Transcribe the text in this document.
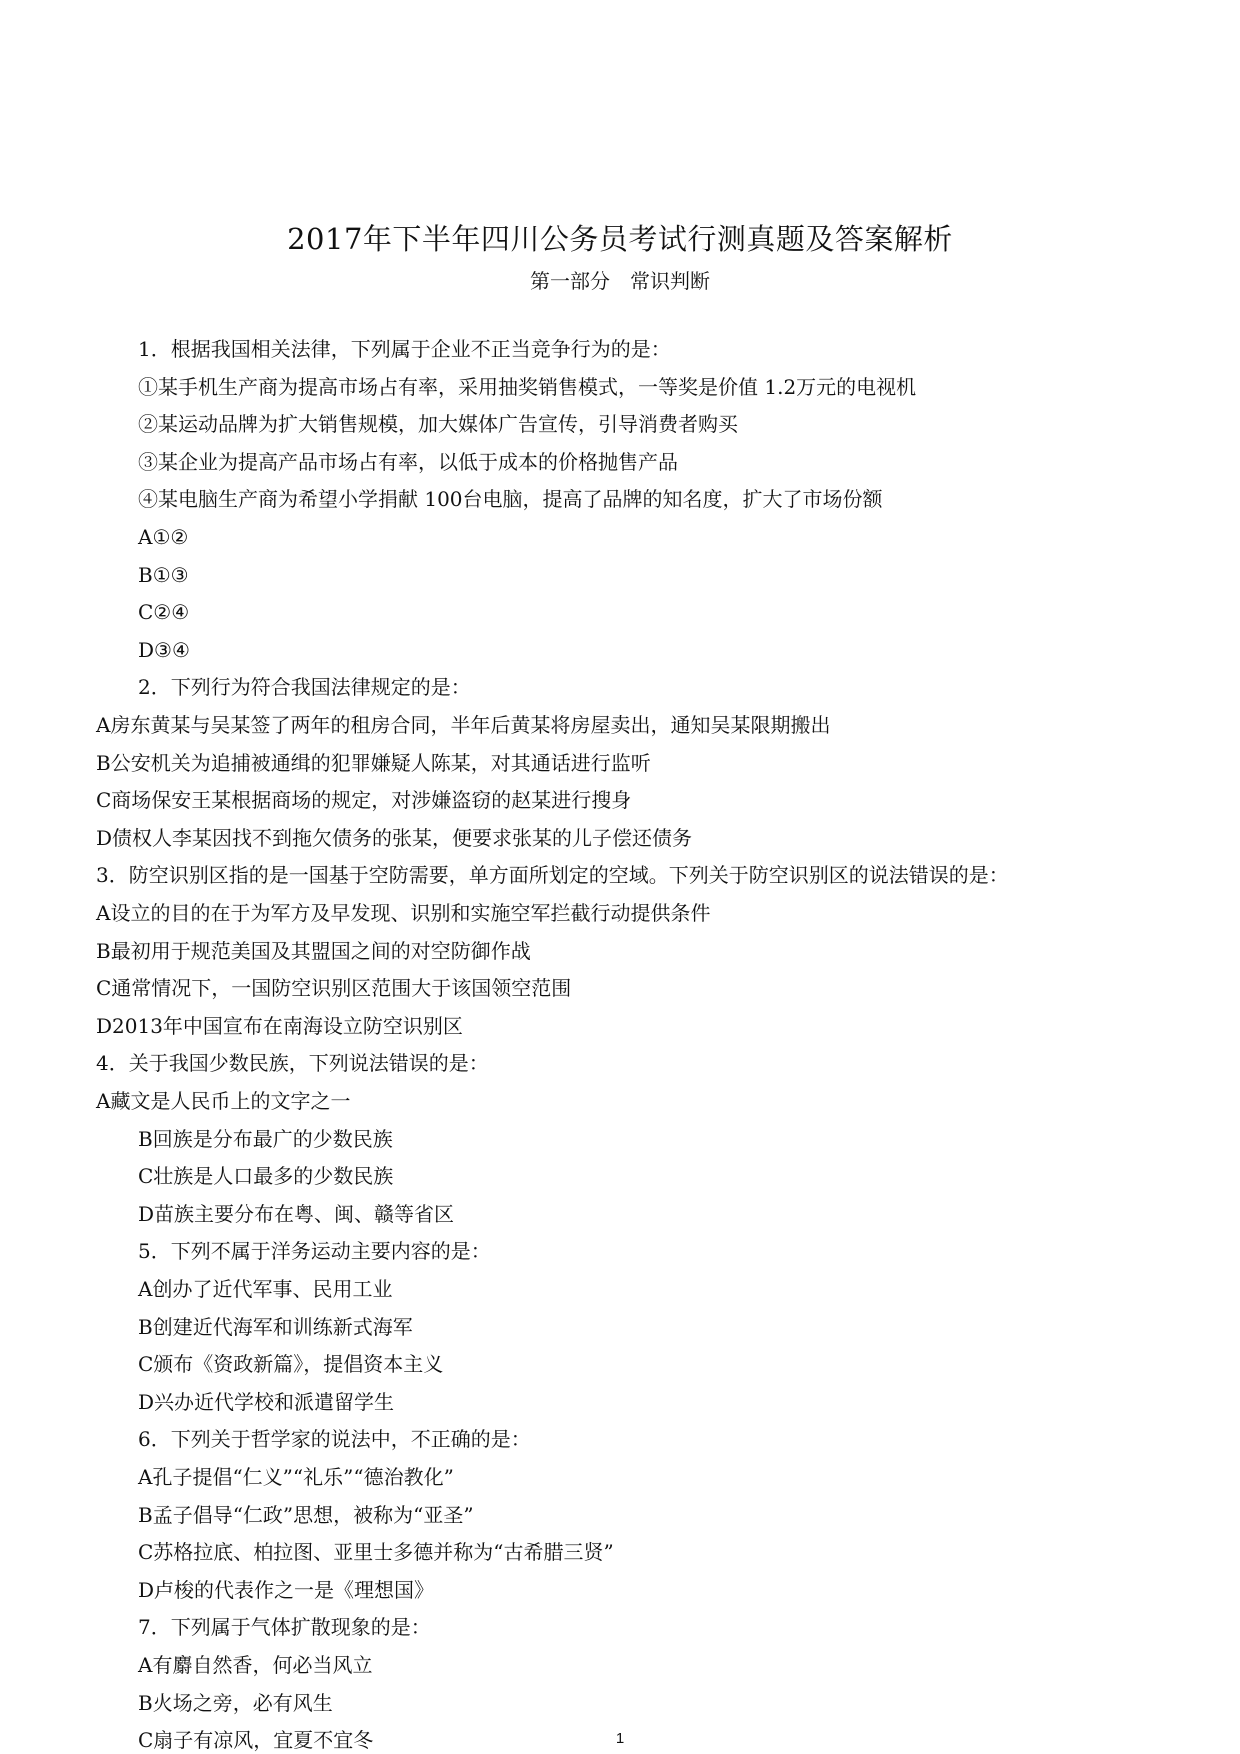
2017年下半年四川公务员考试行测真题及答案解析
第一部分　常识判断
1．根据我国相关法律，下列属于企业不正当竞争行为的是：
①某手机生产商为提高市场占有率，采用抽奖销售模式，一等奖是价值 1.2万元的电视机
②某运动品牌为扩大销售规模，加大媒体广告宣传，引导消费者购买
③某企业为提高产品市场占有率，以低于成本的价格抛售产品
④某电脑生产商为希望小学捐献 100台电脑，提高了品牌的知名度，扩大了市场份额
A①②
B①③
C②④
D③④
2．下列行为符合我国法律规定的是：
A房东黄某与吴某签了两年的租房合同，半年后黄某将房屋卖出，通知吴某限期搬出
B公安机关为追捕被通缉的犯罪嫌疑人陈某，对其通话进行监听
C商场保安王某根据商场的规定，对涉嫌盗窃的赵某进行搜身
D债权人李某因找不到拖欠债务的张某，便要求张某的儿子偿还债务
3．防空识别区指的是一国基于空防需要，单方面所划定的空域。下列关于防空识别区的说法错误的是：
A设立的目的在于为军方及早发现、识别和实施空军拦截行动提供条件
B最初用于规范美国及其盟国之间的对空防御作战
C通常情况下，一国防空识别区范围大于该国领空范围
D2013年中国宣布在南海设立防空识别区
4．关于我国少数民族，下列说法错误的是：
A藏文是人民币上的文字之一
B回族是分布最广的少数民族
C壮族是人口最多的少数民族
D苗族主要分布在粤、闽、赣等省区
5．下列不属于洋务运动主要内容的是：
A创办了近代军事、民用工业
B创建近代海军和训练新式海军
C颁布《资政新篇》，提倡资本主义
D兴办近代学校和派遣留学生
6．下列关于哲学家的说法中，不正确的是：
A孔子提倡“仁义”“礼乐”“德治教化”
B孟子倡导“仁政”思想，被称为“亚圣”
C苏格拉底、柏拉图、亚里士多德并称为“古希腊三贤”
D卢梭的代表作之一是《理想国》
7．下列属于气体扩散现象的是：
A有麝自然香，何必当风立
B火场之旁，必有风生
C扇子有凉风，宜夏不宜冬	1
